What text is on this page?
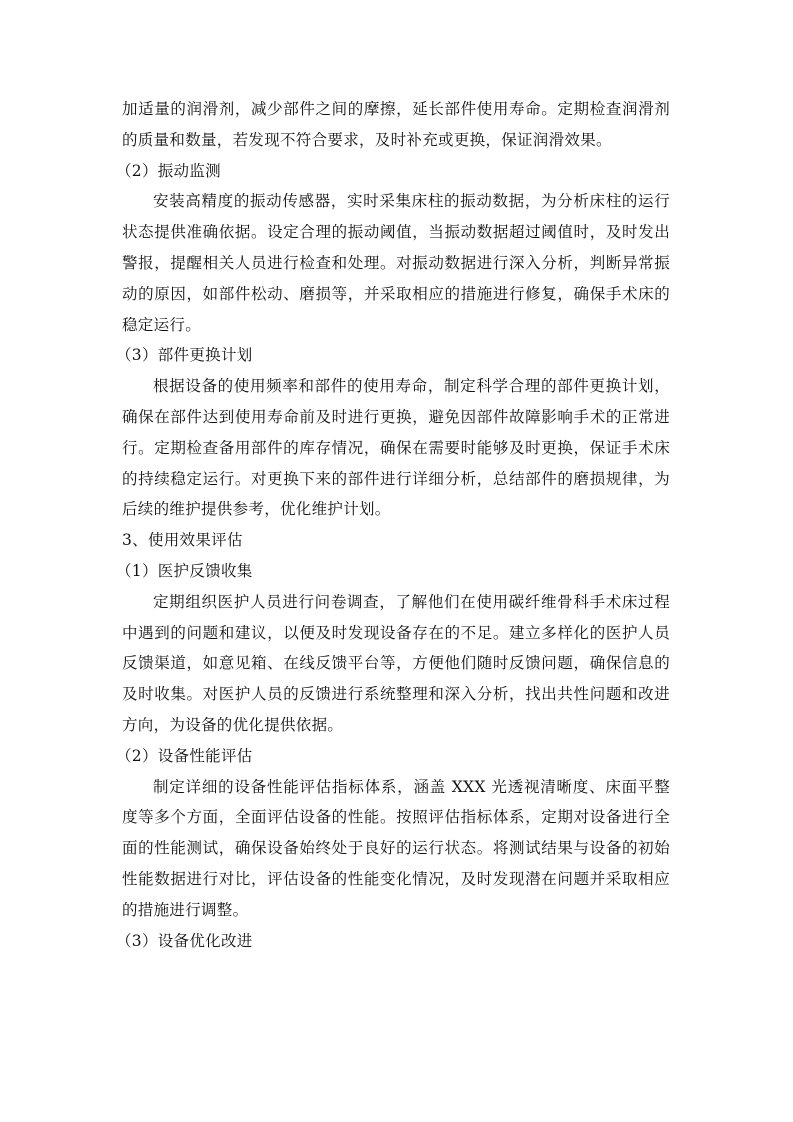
加适量的润滑剂，减少部件之间的摩擦，延长部件使用寿命。定期检查润滑剂的质量和数量，若发现不符合要求，及时补充或更换，保证润滑效果。

（2）振动监测

安装高精度的振动传感器，实时采集床柱的振动数据，为分析床柱的运行状态提供准确依据。设定合理的振动阈值，当振动数据超过阈值时，及时发出警报，提醒相关人员进行检查和处理。对振动数据进行深入分析，判断异常振动的原因，如部件松动、磨损等，并采取相应的措施进行修复，确保手术床的稳定运行。

（3）部件更换计划

根据设备的使用频率和部件的使用寿命，制定科学合理的部件更换计划，确保在部件达到使用寿命前及时进行更换，避免因部件故障影响手术的正常进行。定期检查备用部件的库存情况，确保在需要时能够及时更换，保证手术床的持续稳定运行。对更换下来的部件进行详细分析，总结部件的磨损规律，为后续的维护提供参考，优化维护计划。

3、使用效果评估

（1）医护反馈收集

定期组织医护人员进行问卷调查，了解他们在使用碳纤维骨科手术床过程中遇到的问题和建议，以便及时发现设备存在的不足。建立多样化的医护人员反馈渠道，如意见箱、在线反馈平台等，方便他们随时反馈问题，确保信息的及时收集。对医护人员的反馈进行系统整理和深入分析，找出共性问题和改进方向，为设备的优化提供依据。

（2）设备性能评估

制定详细的设备性能评估指标体系，涵盖 XXX 光透视清晰度、床面平整度等多个方面，全面评估设备的性能。按照评估指标体系，定期对设备进行全面的性能测试，确保设备始终处于良好的运行状态。将测试结果与设备的初始性能数据进行对比，评估设备的性能变化情况，及时发现潜在问题并采取相应的措施进行调整。

（3）设备优化改进
